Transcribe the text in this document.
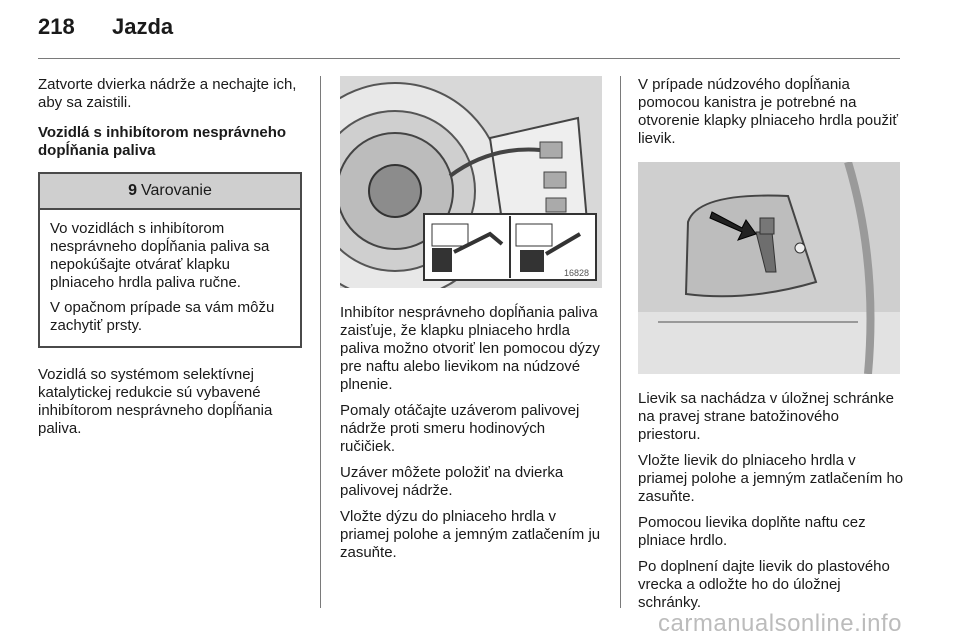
218	Jazda

Zatvorte dvierka nádrže a nechajte ich, aby sa zaistili.

Vozidlá s inhibítorom nesprávneho dopĺňania paliva

9 Varovanie

Vo vozidlách s inhibítorom nesprávneho dopĺňania paliva sa nepokúšajte otvárať klapku plniaceho hrdla paliva ručne.

V opačnom prípade sa vám môžu zachytiť prsty.

Vozidlá so systémom selektívnej katalytickej redukcie sú vybavené inhibítorom nesprávneho dopĺňania paliva.

16828

Inhibítor nesprávneho dopĺňania paliva zaisťuje, že klapku plniaceho hrdla paliva možno otvoriť len pomocou dýzy pre naftu alebo lievikom na núdzové plnenie.

Pomaly otáčajte uzáverom palivovej nádrže proti smeru hodinových ručičiek.

Uzáver môžete položiť na dvierka palivovej nádrže.

Vložte dýzu do plniaceho hrdla v priamej polohe a jemným zatlačením ju zasuňte.

V prípade núdzového dopĺňania pomocou kanistra je potrebné na otvorenie klapky plniaceho hrdla použiť lievik.

Lievik sa nachádza v úložnej schránke na pravej strane batožinového priestoru.

Vložte lievik do plniaceho hrdla v priamej polohe a jemným zatlačením ho zasuňte.

Pomocou lievika doplňte naftu cez plniace hrdlo.

Po doplnení dajte lievik do plastového vrecka a odložte ho do úložnej schránky.

carmanualsonline.info
